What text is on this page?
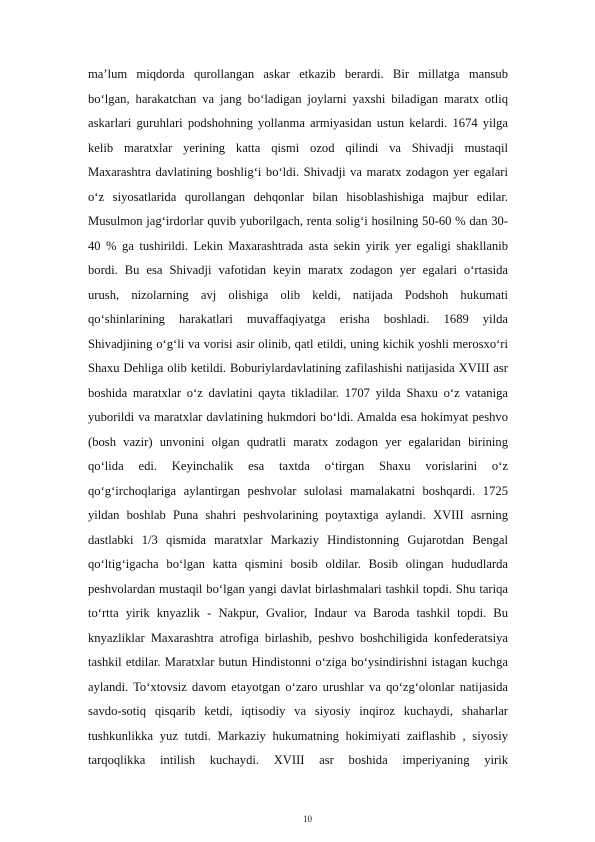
ma’lum miqdorda qurollangan askar etkazib berardi. Bir millatga mansub
bo‘lgan, harakatchan va jang bo‘ladigan joylarni yaxshi biladigan maratx otliq
askarlari guruhlari podshohning yollanma armiyasidan ustun kelardi. 1674 yilga
kelib maratxlar yerining katta qismi ozod qilindi va Shivadji mustaqil
Maxarashtra davlatining boshlig‘i bo‘ldi. Shivadji va maratx zodagon yer egalari
o‘z siyosatlarida qurollangan dehqonlar bilan hisoblashishiga majbur edilar.
Musulmon jag‘irdorlar quvib yuborilgach, renta solig‘i hosilning 50-60 % dan 30-
40 % ga tushirildi. Lekin Maxarashtrada asta sekin yirik yer egaligi shakllanib
bordi. Bu esa Shivadji vafotidan keyin maratx zodagon yer egalari o‘rtasida
urush, nizolarning avj olishiga olib keldi, natijada Podshoh hukumati
qo‘shinlarining harakatlari muvaffaqiyatga erisha boshladi. 1689 yilda
Shivadjining o‘g‘li va vorisi asir olinib, qatl etildi, uning kichik yoshli merosxo‘ri
Shaxu Dehliga olib ketildi. Boburiylardavlatining zafilashishi natijasida XVIII asr
boshida maratxlar o‘z davlatini qayta tikladilar. 1707 yilda Shaxu o‘z vataniga
yuborildi va maratxlar davlatining hukmdori bo‘ldi. Amalda esa hokimyat peshvo
(bosh vazir) unvonini olgan qudratli maratx zodagon yer egalaridan birining
qo‘lida edi. Keyinchalik esa taxtda o‘tirgan Shaxu vorislarini o‘z
qo‘g‘irchoqlariga aylantirgan peshvolar sulolasi mamalakatni boshqardi. 1725
yildan boshlab Puna shahri peshvolarining poytaxtiga aylandi. XVIII asrning
dastlabki 1/3 qismida maratxlar Markaziy Hindistonning Gujarotdan Bengal
qo‘ltig‘igacha bo‘lgan katta qismini bosib oldilar. Bosib olingan hududlarda
peshvolardan mustaqil bo‘lgan yangi davlat birlashmalari tashkil topdi. Shu tariqa
to‘rtta yirik knyazlik - Nakpur, Gvalior, Indaur va Baroda tashkil topdi. Bu
knyazliklar Maxarashtra atrofiga birlashib, peshvo boshchiligida konfederatsiya
tashkil etdilar. Maratxlar butun Hindistonni o‘ziga bo‘ysindirishni istagan kuchga
aylandi. To‘xtovsiz davom etayotgan o‘zaro urushlar va qo‘zg‘olonlar natijasida
savdo-sotiq qisqarib ketdi, iqtisodiy va siyosiy inqiroz kuchaydi, shaharlar
tushkunlikka yuz tutdi. Markaziy hukumatning hokimiyati zaiflashib , siyosiy
tarqoqlikka intilish kuchaydi. XVIII asr boshida imperiyaning yirik
10
